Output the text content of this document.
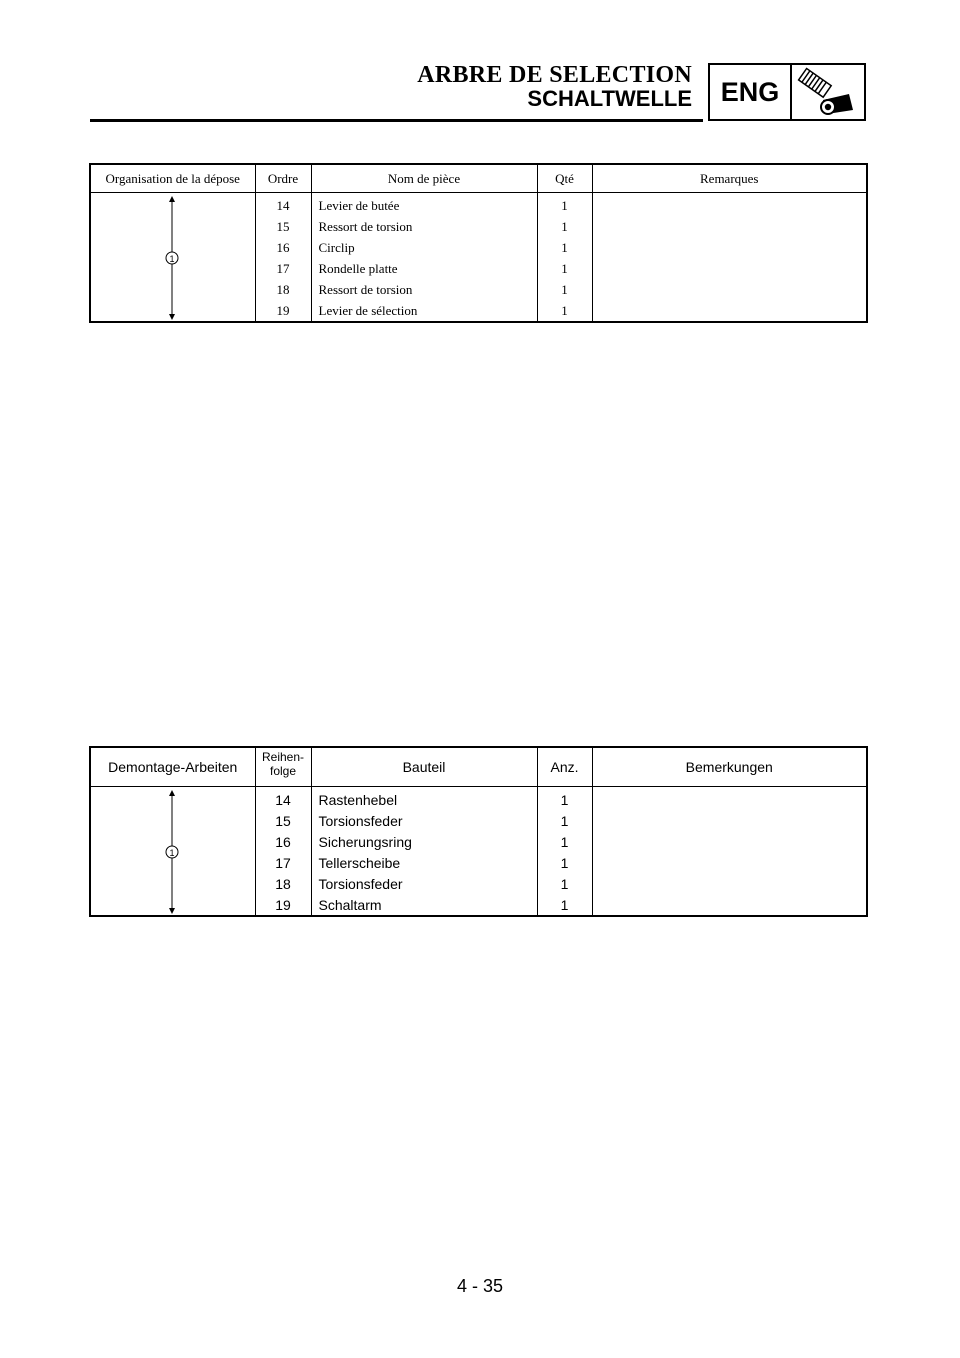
ARBRE DE SELECTION
SCHALTWELLE	ENG
Organisation de la dépose	Ordre	Nom de pièce	Qté	Remarques

1	14	Levier de butée	1	
	15	Ressort de torsion	1	
	16	Circlip	1	
	17	Rondelle platte	1	
	18	Ressort de torsion	1	
	19	Levier de sélection	1	
Demontage-Arbeiten	Reihen-
folge	Bauteil	Anz.	Bemerkungen

1	14	Rastenhebel	1	
	15	Torsionsfeder	1	
	16	Sicherungsring	1	
	17	Tellerscheibe	1	
	18	Torsionsfeder	1	
	19	Schaltarm	1	
4 - 35
